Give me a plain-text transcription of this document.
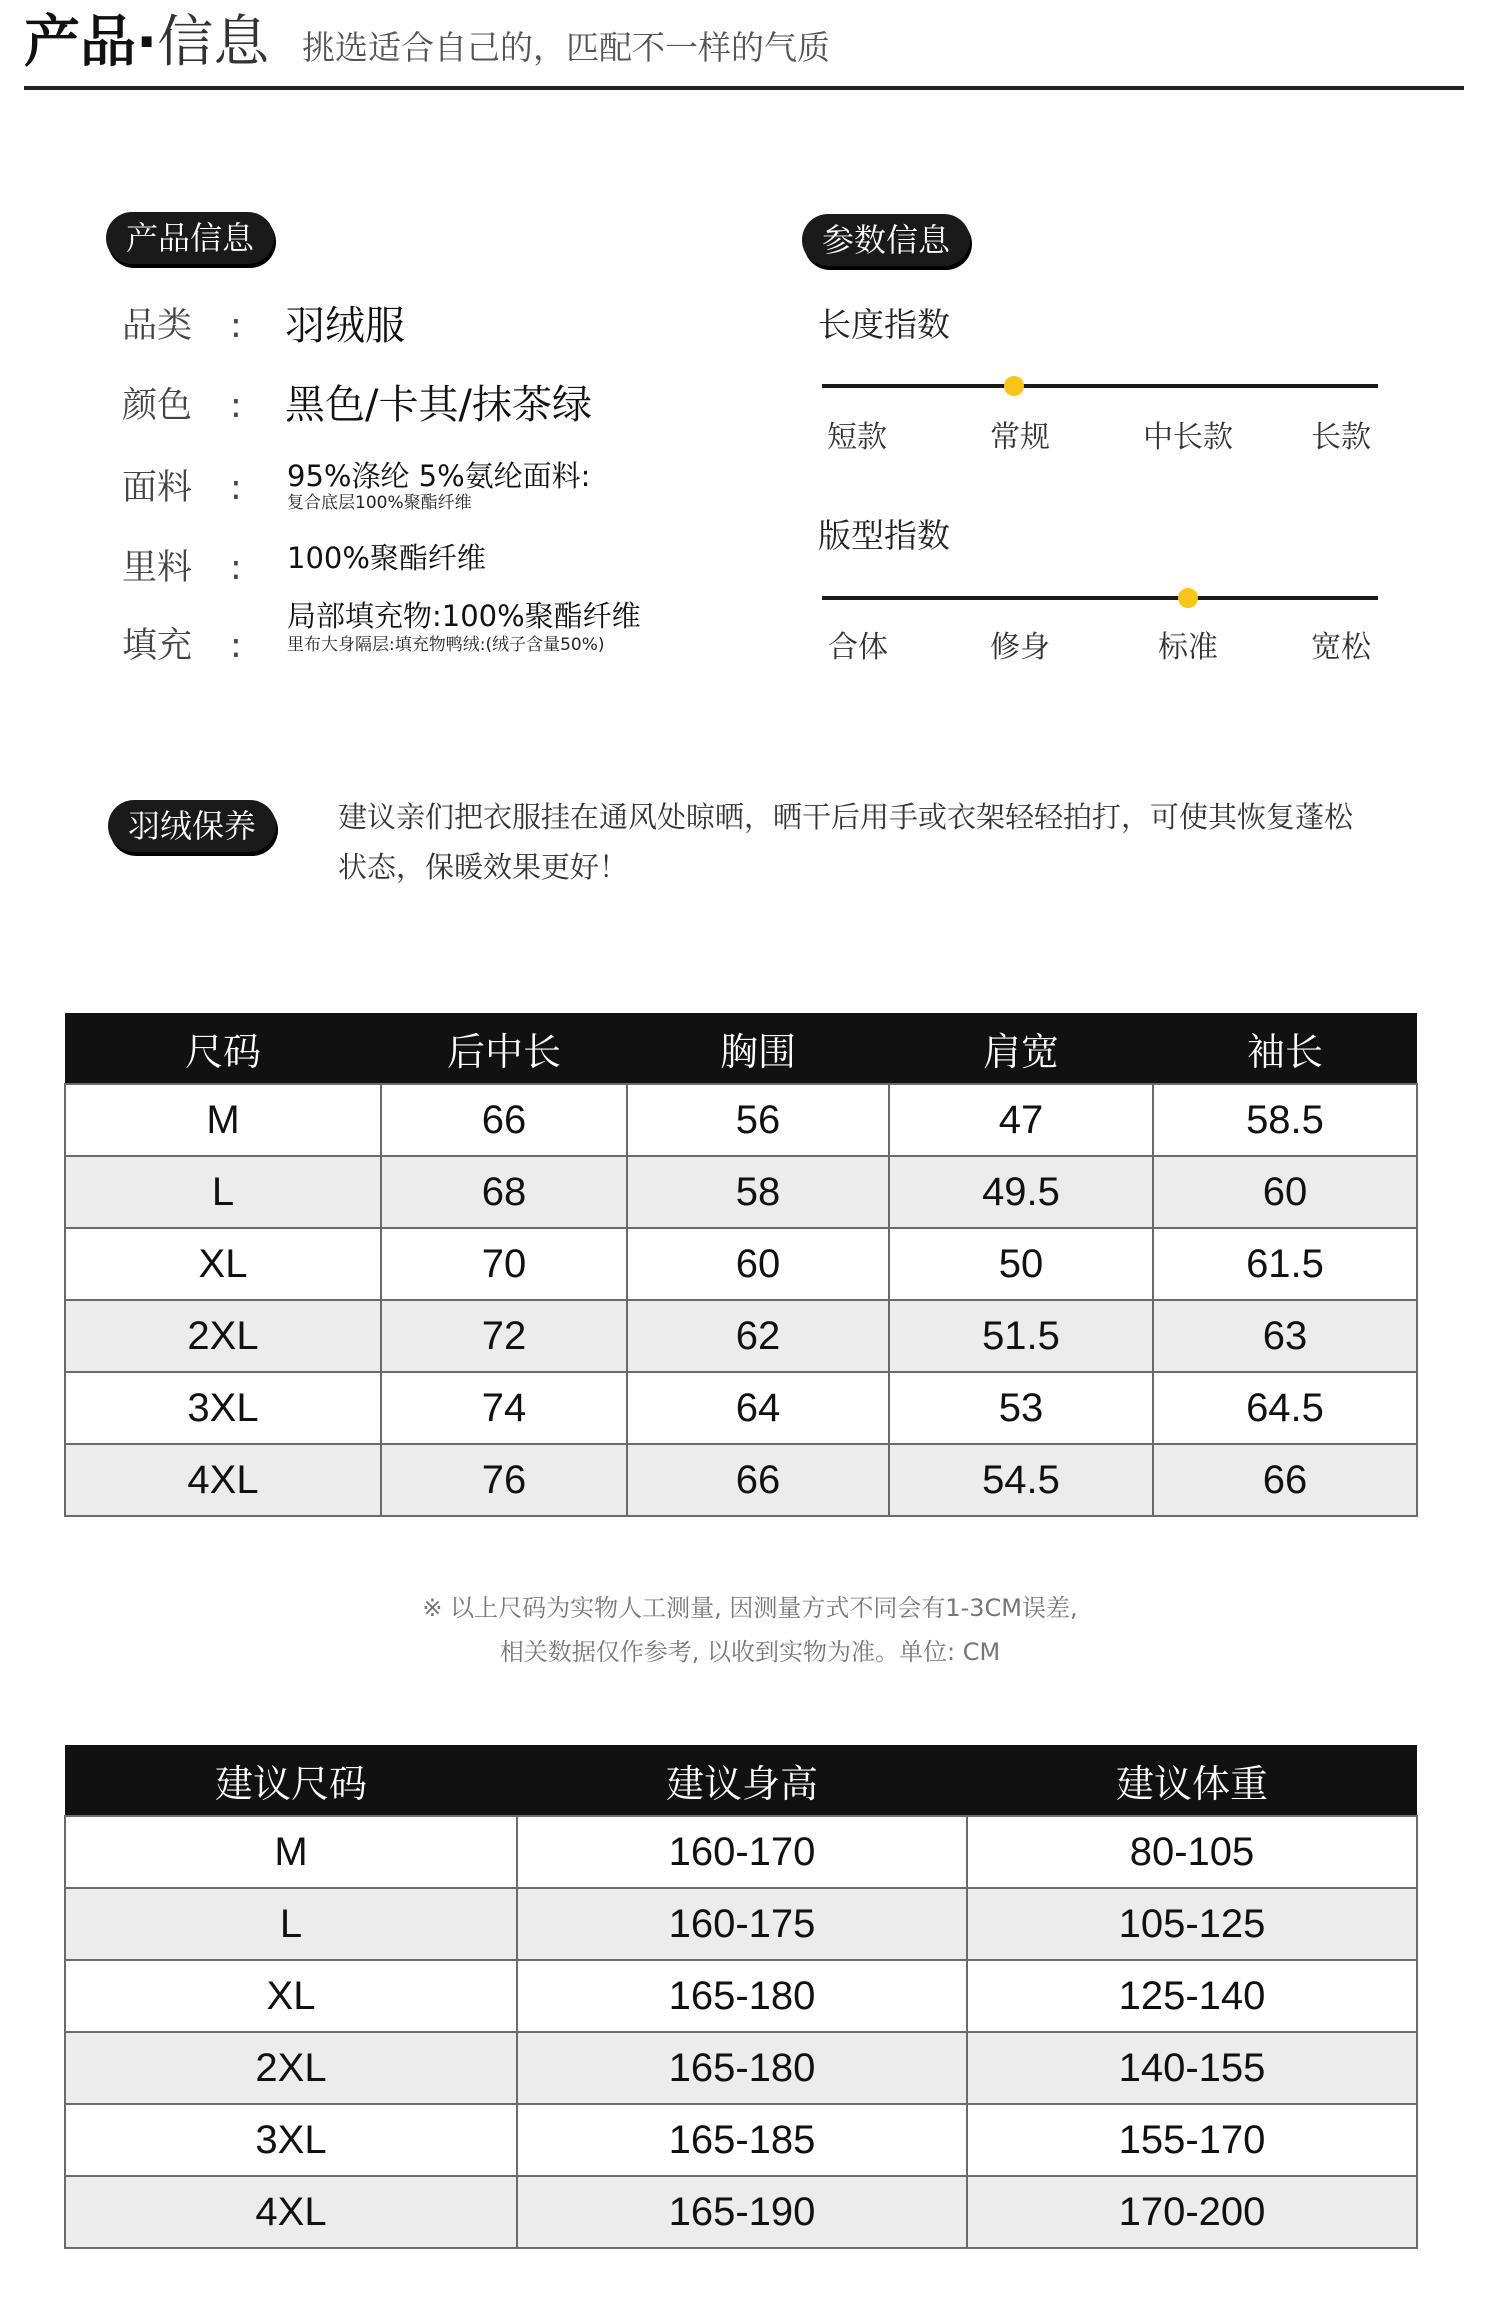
产品·信息 挑选适合自己的，匹配不一样的气质
产品信息
品类 : 羽绒服
颜色 : 黑色/卡其/抹茶绿
面料 : 95%涤纶 5%氨纶面料:
复合底层100%聚酯纤维
里料 : 100%聚酯纤维
填充 :
局部填充物:100%聚酯纤维
里布大身隔层:填充物鸭绒:(绒子含量50%)
参数信息
长度指数
短款	常规	中长款	长款
版型指数
合体	修身	标准	宽松
羽绒保养	建议亲们把衣服挂在通风处晾晒，晒干后用手或衣架轻轻拍打，可使其恢复蓬松
状态，保暖效果更好！
尺码	后中长	胸围	肩宽	袖长
M	66	56	47	58.5
L	68	58	49.5	60
XL	70	60	50	61.5
2XL	72	62	51.5	63
3XL	74	64	53	64.5
4XL	76	66	54.5	66
※ 以上尺码为实物人工测量, 因测量方式不同会有1-3CM误差,
相关数据仅作参考, 以收到实物为准。单位: CM
建议尺码	建议身高	建议体重
M	160-170	80-105
L	160-175	105-125
XL	165-180	125-140
2XL	165-180	140-155
3XL	165-185	155-170
4XL	165-190	170-200
